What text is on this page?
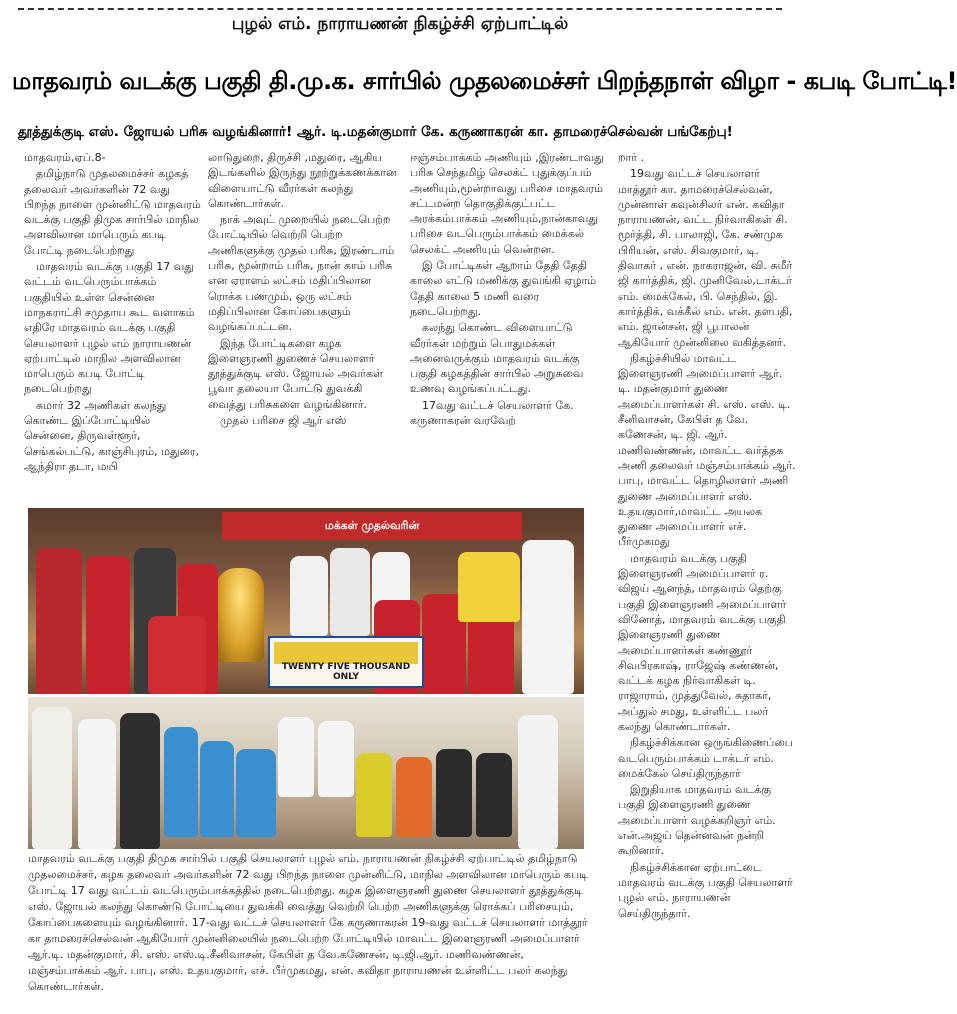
புழல் எம். நாராயணன் நிகழ்ச்சி ஏற்பாட்டில்
மாதவரம் வடக்கு பகுதி தி.மு.க. சார்பில் முதலமைச்சர் பிறந்தநாள் விழா - கபடி போட்டி!
தூத்துக்குடி எஸ். ஜோயல் பரிசு வழங்கினார்! ஆர். டி.மதன்குமார் கே. கருணாகரன் கா. தாமரைச்செல்வன் பங்கேற்பு!

மாதவரம்,ஏப்.8-

தமிழ்நாடு முதலமைச்சர் கழகத் தலைவர் அவர்களின் 72 வது பிறந்த நாளை முன்னிட்டு மாதவரம் வடக்கு பகுதி திமுக சார்பில் மாநில அளவிலான மாபெரும் கபடி போட்டி நடைபெற்றது

மாதவரம் வடக்கு பகுதி 17 வது வட்டம் வடபெரும்பாக்கம் பகுதியில் உள்ள சென்னை மாநகராட்சி சமுதாய கூட வளாகம் எதிரே மாதவரம் வடக்கு பகுதி செயலாளர் புழல் எம் நாராயணன் ஏற்பாட்டில் மாநில அளவிலான மாபெரும் கபடி போட்டி நடைபெற்றது

சுமார் 32 அணிகள் கலந்து கொண்ட இப்போட்டியில் சென்னை, திருவள்ளூர், செங்கல்பட்டு, காஞ்சிபுரம், மதுரை, ஆந்திரா தடா, மயி

லாடுதுறை, திருச்சி ,மதுரை, ஆகிய இடங்களில் இருந்து நூற்றுக்கணக்கான விளையாட்டு வீரர்கள் கலந்து கொண்டார்கள்.

நாக் அவுட் முறையில் நடைபெற்ற போட்டியில் வெற்றி பெற்ற அணிகளுக்கு முதல் பரிசு, இரண்டாம் பரிசு, மூன்றாம் பரிசு, நான் காம் பரிசு என ஏராளம் லட்சம் மதிப்பிலான ரொக்க பணமும், ஒரு லட்சம் மதிப்பிலான கோப்பைகளும் வழங்கப்பட்டன.

இந்த போட்டிகளை கழக இளைஞரணி துணைச் செயலாளர் தூத்துக்குடி எஸ். ஜோயல் அவர்கள் பூவா தலையா போட்டு துவக்கி வைத்து பரிசுகளை வழங்கினார்.

முதல் பரிசை ஜி ஆர் எஸ்

ஈஞ்சம்பாக்கம் அணியும் ,இரண்டாவது பரிசு செந்தமிழ் செலக்ட் புதுக்குப்பம் அணியும்,மூன்றாவது பரிசை மாதவரம் சட்டமன்ற தொகுதிக்குட்பட்ட அரக்கம்பாக்கம் அணியும்,நான்காவது பரிசை வடபெரும்பாக்கம் மைக்கல் செலக்ட் அணியும் வென்றன.

இ போட்டிகள் ஆறாம் தேதி தேதி காலை எட்டு மணிக்கு துவங்கி ஏழாம் தேதி காலை 5 மணி வரை நடைபெற்றது.

கலந்து கொண்ட விளையாட்டு வீரர்கள் மற்றும் பொதுமக்கள் அனைவருக்கும் மாதவரம் வடக்கு பகுதி கழகத்தின் சார்பில் அறுசுவை உணவு வழங்கப்பட்டது.

17வது வட்டச் செயலாளர் கே. கருணாகரன் வரவேற்

றார் .

19வது வட்டச் செயலாளர் மாத்தூர் கா. தாமரைச்செல்வன், முன்னாள் கவுன்சிலர் என். கவிதா நாராயணன், வட்ட நிர்வாகிகள் சி. மூர்த்தி, சி. பாலாஜி, கே. சண்முக பிரியன், எஸ். சிவகுமார், டி. திவாகர் , என். நாகராஜன், வி. சுமீர் ஜி கார்த்திக், ஜி. முனிவேல்,டாக்டர் எம். மைக்கேல், பி. செந்தில், இ. கார்த்திக், வக்கீல் எம். என். தளபதி, எம். ஜான்சன், ஜி பூபாலன் ஆகியோர் முன்னிலை வகித்தனர்.

நிகழ்ச்சியில் மாவட்ட இளைஞரணி அமைப்பாளர் ஆர். டி. மதன்குமார் துணை அமைப்பாளர்கள் சி. எஸ். எஸ். டி. சீனிவாசன், கேபிள் த வே. கணேசன், டி. ஜி. ஆர். மணிவண்ணன், மாவட்ட வர்த்தக அணி தலைவர் மஞ்சம்பாக்கம் ஆர். பாபு, மாவட்ட தொழிலாளர் அணி துணை அமைப்பாளர் எஸ். உதயகுமார்,மாவட்ட அயலக துணை அமைப்பாளர் எச். பீர்முகமது

மாதவரம் வடக்கு பகுதி இளைஞரணி அமைப்பாளர் ர. விஜய் ஆனந்த், மாதவரம் தெற்கு பகுதி இளைஞரணி அமைப்பாளர் வினோத், மாதவரம் வடக்கு பகுதி இளைஞரணி துணை அமைப்பாளர்கள் கண்ணூர் சிவபிரகாஷ், ராஜேஷ் கண்ணன், வட்டக் கழக நிர்வாகிகள் டி. ராஜாராம், முத்துவேல், சுதாகர், அப்துல் சமது, உள்ளிட்ட பலர் கலந்து கொண்டார்கள்.

நிகழ்ச்சிக்கான ஒருங்கிணைப்பை வடபெரும்பாக்கம் டாக்டர் எம். மைக்கேல் செய்திருந்தார்

இறுதியாக மாதவரம் வடக்கு பகுதி இளைஞரணி துணை அமைப்பாளர் வழக்கறிஞர் எம். என்.அஜய் தென்னவன் நன்றி கூறினார்.

நிகழ்ச்சிக்கான ஏற்பாட்டை மாதவரம் வடக்கு பகுதி செயலாளர் புழல் எம். நாராயணன் செய்திருந்தார்.

மக்கள் முதல்வரின்
TWENTY FIVE THOUSAND ONLY
மாதவரம் வடக்கு பகுதி திமுக சார்பில் பகுதி செயலாளர் புழல் எம். நாராயணன் நிகழ்ச்சி ஏற்பாட்டில் தமிழ்நாடு முதலமைச்சர், கழக தலைவர் அவர்களின் 72 வது பிறந்த நாளை முன்னிட்டு, மாநில அளவிலான மாபெரும் கபடி போட்டி 17 வது வட்டம் வடபெரும்பாக்கத்தில் நடைபெற்றது. கழக இளைஞரணி துணை செயலாளர் தூத்துக்குடி எஸ். ஜோயல் கலந்து கொண்டு போட்டியை துவக்கி வைத்து வெற்றி பெற்ற அணிகளுக்கு ரொக்கப் பரிசையும், கோப்பைகளையும் வழங்கினார். 17-வது வட்டச் செயலாளர் கே கருணாகரன் 19-வது வட்டச் செயலாளர் மாத்தூர் கா தாமரைச்செல்வன் ஆகியோர் முன்னிலையில் நடைபெற்ற போட்டியில் மாவட்ட இளைஞரணி அமைப்பாளர் ஆர்.டி. மதன்குமார், சி. எஸ். எஸ்.டி.சீனிவாசன், கேபிள் த வே.கணேசன், டி.ஜி.ஆர். மணிவண்ணன், மஞ்சம்பாக்கம் ஆர். பாபு, எஸ். உதயகுமார், எச். பீர்முகமது, என். கவிதா நாராயணன் உள்ளிட்ட பலர் கலந்து கொண்டார்கள்.
